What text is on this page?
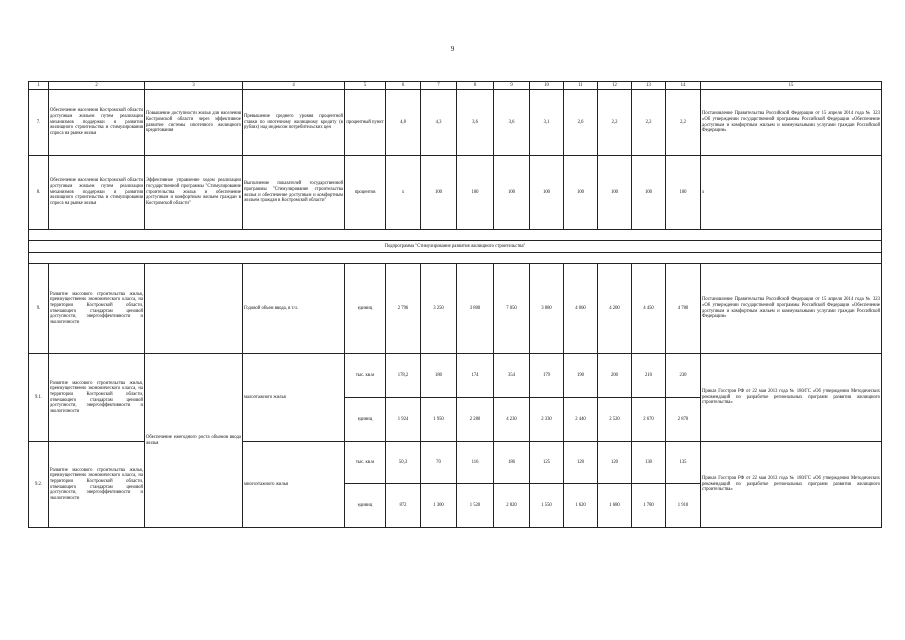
9
1	2	3	4	5	6	7	8	9	10	11	12	13	14	15
7.	Обеспечение населения Костромской области доступным жильем путем реализации механизмов поддержки и развития жилищного строительства и стимулирования спроса на рынке жилья	Повышение доступности жилья для населения Костромской области через эффективное развитие системы ипотечного жилищного кредитования	Превышение среднего уровня процентной ставки по ипотечному жилищному кредиту (в рублях) над индексом потребительских цен	процентный пункт	4,8	4,3	3,6	3,6	3,1	2,6	2,2	2,2	2,2	Постановление Правительства Российской Федерации от 15 апреля 2014 года № 323 «Об утверждении государственной программы Российской Федерации «Обеспечение доступным и комфортным жильем и коммунальными услугами граждан Российской Федерации»
8.	Обеспечение населения Костромской области доступным жильем путем реализации механизмов поддержки и развития жилищного строительства и стимулирования спроса на рынке жилья	Эффективное управление ходом реализации государственной программы "Стимулирование строительства жилья и обеспечение доступным и комфортным жильем граждан в Костромской области"	Выполнение показателей государственной программы "Стимулирование строительства жилья и обеспечение доступным и комфортным жильем граждан в Костромской области"	процентов	х	100	100	100	100	100	100	100	100	х

Подпрограмма "Стимулирование развития жилищного строительства"														

9.	Развитие массового строительства жилья, преимущественно экономического класса, на территории Костромской области, отвечающего стандартам ценовой доступности, энергоэффективности и экологичности		Годовой объем ввода, в т.ч.	единиц	2 796	3 250	3 800	7 050	3 880	4 060	4 200	4 450	4 780	Постановление Правительства Российской Федерации от 15 апреля 2014 года № 323 «Об утверждении государственной программы Российской Федерации «Обеспечение доступным и комфортным жильем и коммунальными услугами граждан Российской Федерации»
9.1.	Развитие массового строительства жилья, преимущественно экономического класса, на территории Костромской области, отвечающего стандартам ценовой доступности, энергоэффективности и экологичности	Обеспечение ежегодного роста объемов ввода жилья	малоэтажного жилья	тыс. кв.м	178,2	180	174	354	179	190	200	210	230	Приказ Госстроя РФ от 22 мая 2013 года № 180/ГС «Об утверждении Методических рекомендаций по разработке региональных программ развития жилищного строительства»
				единиц	1 924	1 950	2 280	4 230	2 330	2 440	2 520	2 670	2 870	
9.2.	Развитие массового строительства жилья, преимущественно экономического класса, на территории Костромской области, отвечающего стандартам ценовой доступности, энергоэффективности и экологичности		многоэтажного жилья	тыс. кв.м	50,3	70	116	186	125	120	120	130	135	Приказ Госстроя РФ от 22 мая 2013 года № 180/ГС «Об утверждении Методических рекомендаций по разработке региональных программ развития жилищного строительства»
				единиц	872	1 300	1 520	2 820	1 550	1 620	1 680	1 780	1 910	
